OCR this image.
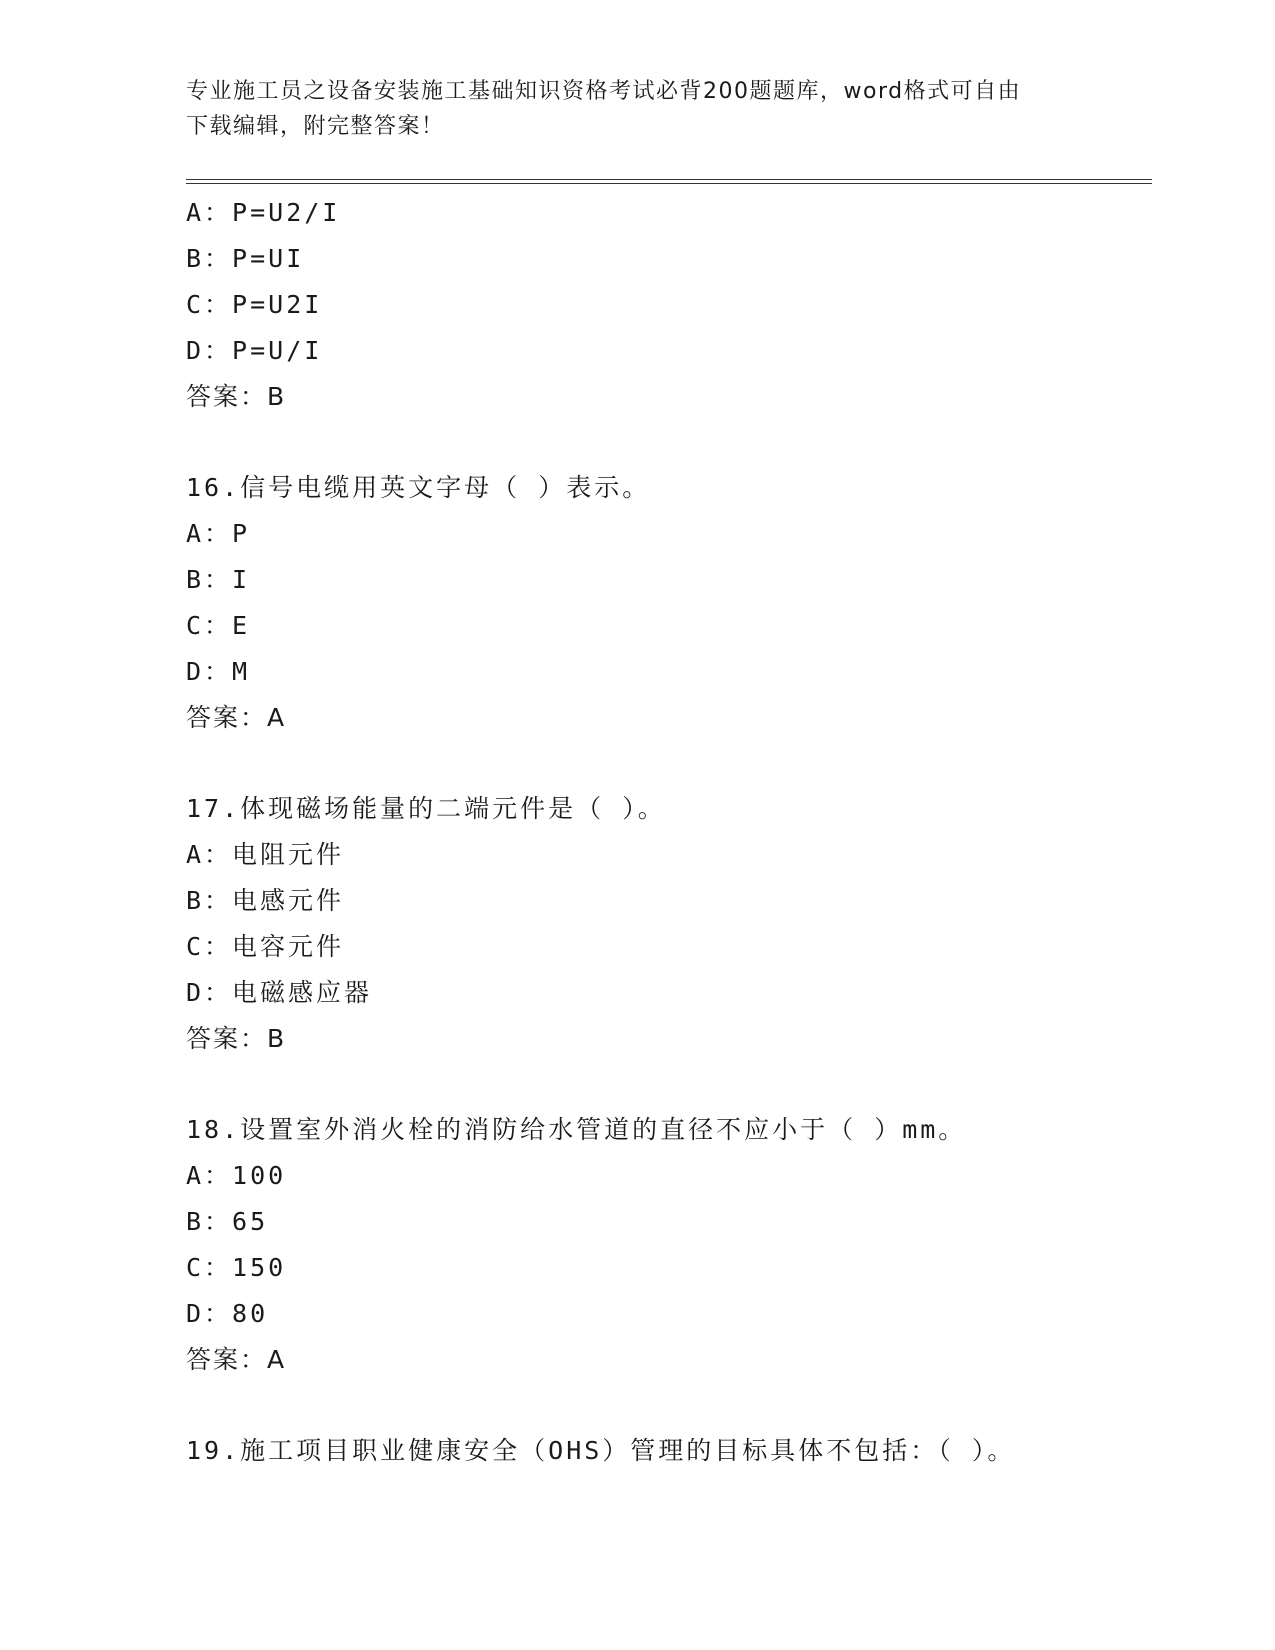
专业施工员之设备安装施工基础知识资格考试必背200题题库，word格式可自由
下载编辑，附完整答案！
A：P=U2/I
B：P=UI
C：P=U2I
D：P=U/I
答案：B
16.信号电缆用英文字母（ ）表示。
A：P
B：I
C：E
D：M
答案：A
17.体现磁场能量的二端元件是（ ）。
A：电阻元件
B：电感元件
C：电容元件
D：电磁感应器
答案：B
18.设置室外消火栓的消防给水管道的直径不应小于（ ）mm。
A：100
B：65
C：150
D：80
答案：A
19.施工项目职业健康安全（OHS）管理的目标具体不包括：（ ）。
